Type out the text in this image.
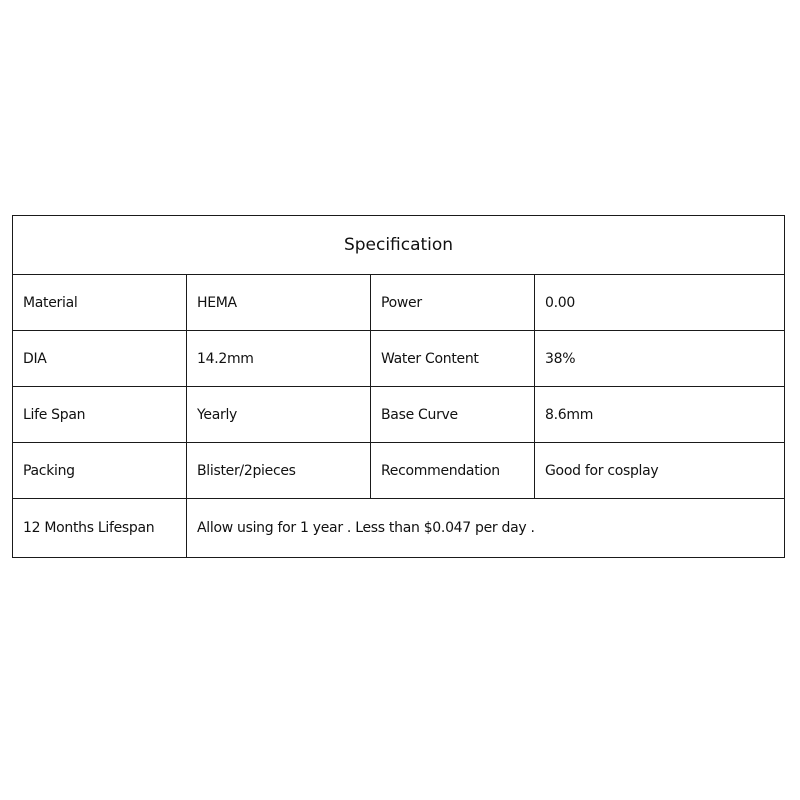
Specification			
Material	HEMA	Power	0.00
DIA	14.2mm	Water Content	38%
Life Span	Yearly	Base Curve	8.6mm
Packing	Blister/2pieces	Recommendation	Good for cosplay
12 Months Lifespan	Allow using for 1 year . Less than $0.047 per day .		
